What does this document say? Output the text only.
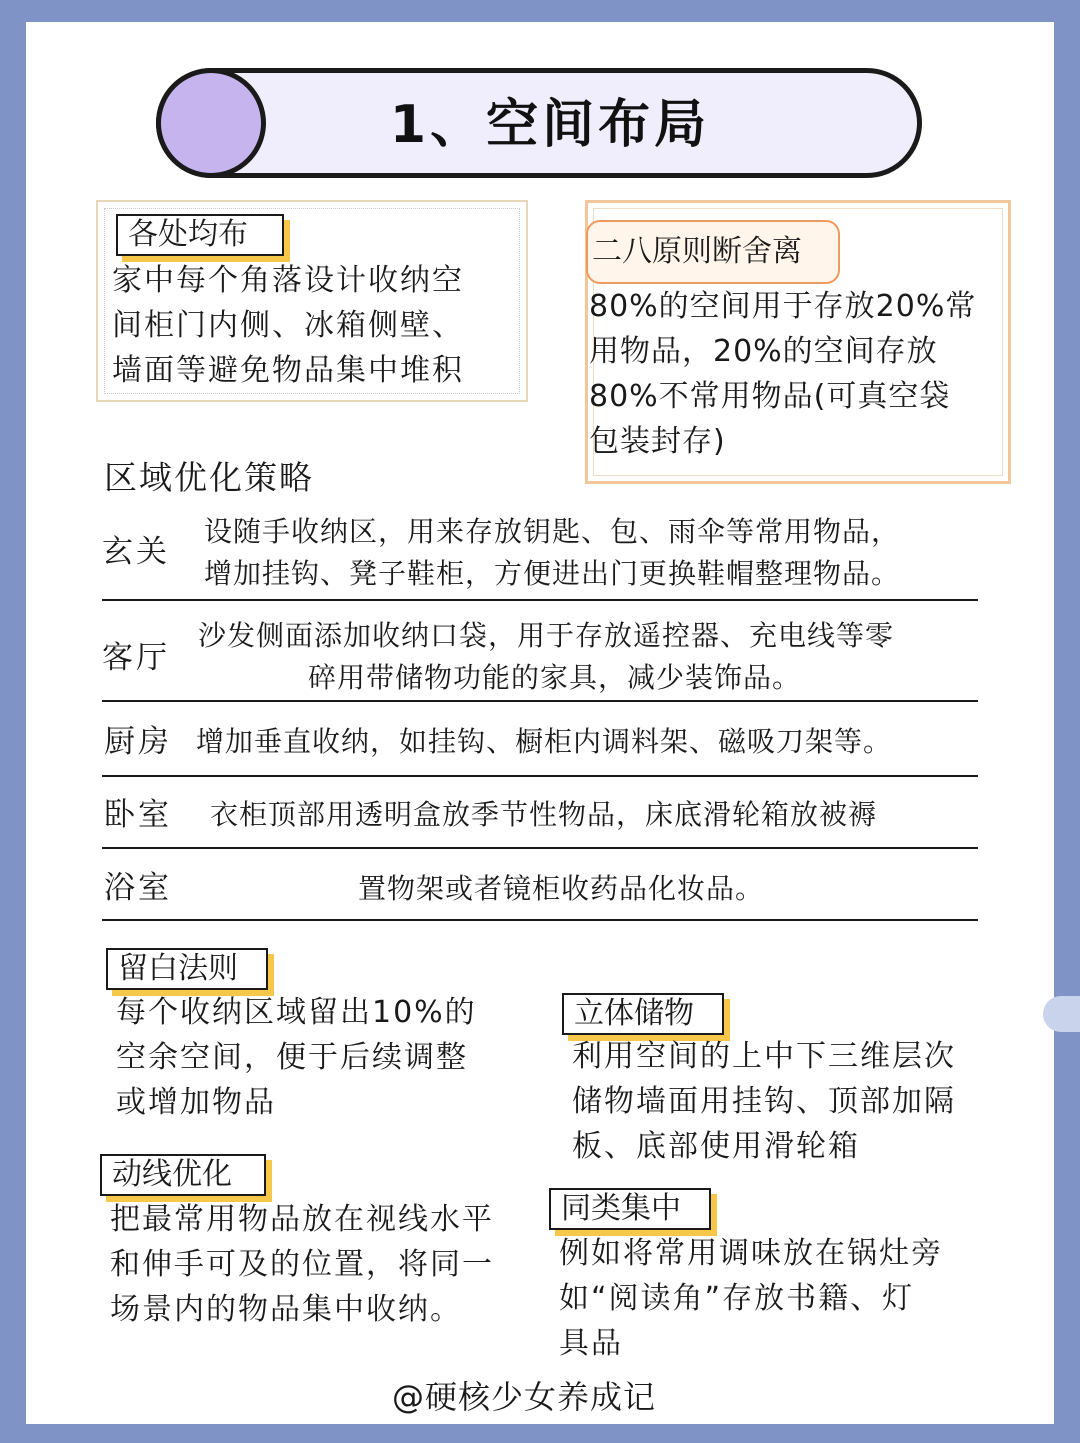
1、空间布局
各处均布
家中每个角落设计收纳空
间柜门内侧、冰箱侧壁、
墙面等避免物品集中堆积
二八原则断舍离
80%的空间用于存放20%常
用物品，20%的空间存放
80%不常用物品(可真空袋
包装封存)
区域优化策略
玄关
设随手收纳区，用来存放钥匙、包、雨伞等常用物品，
增加挂钩、凳子鞋柜，方便进出门更换鞋帽整理物品。
客厅
沙发侧面添加收纳口袋，用于存放遥控器、充电线等零
碎用带储物功能的家具，减少装饰品。
厨房 增加垂直收纳，如挂钩、橱柜内调料架、磁吸刀架等。
卧室 衣柜顶部用透明盒放季节性物品，床底滑轮箱放被褥
浴室	置物架或者镜柜收药品化妆品。
留白法则
每个收纳区域留出10%的
空余空间，便于后续调整
或增加物品
立体储物
利用空间的上中下三维层次
储物墙面用挂钩、顶部加隔
板、底部使用滑轮箱
动线优化
把最常用物品放在视线水平
和伸手可及的位置，将同一
场景内的物品集中收纳。
同类集中
例如将常用调味放在锅灶旁
如“阅读角”存放书籍、灯
具品
@硬核少女养成记
